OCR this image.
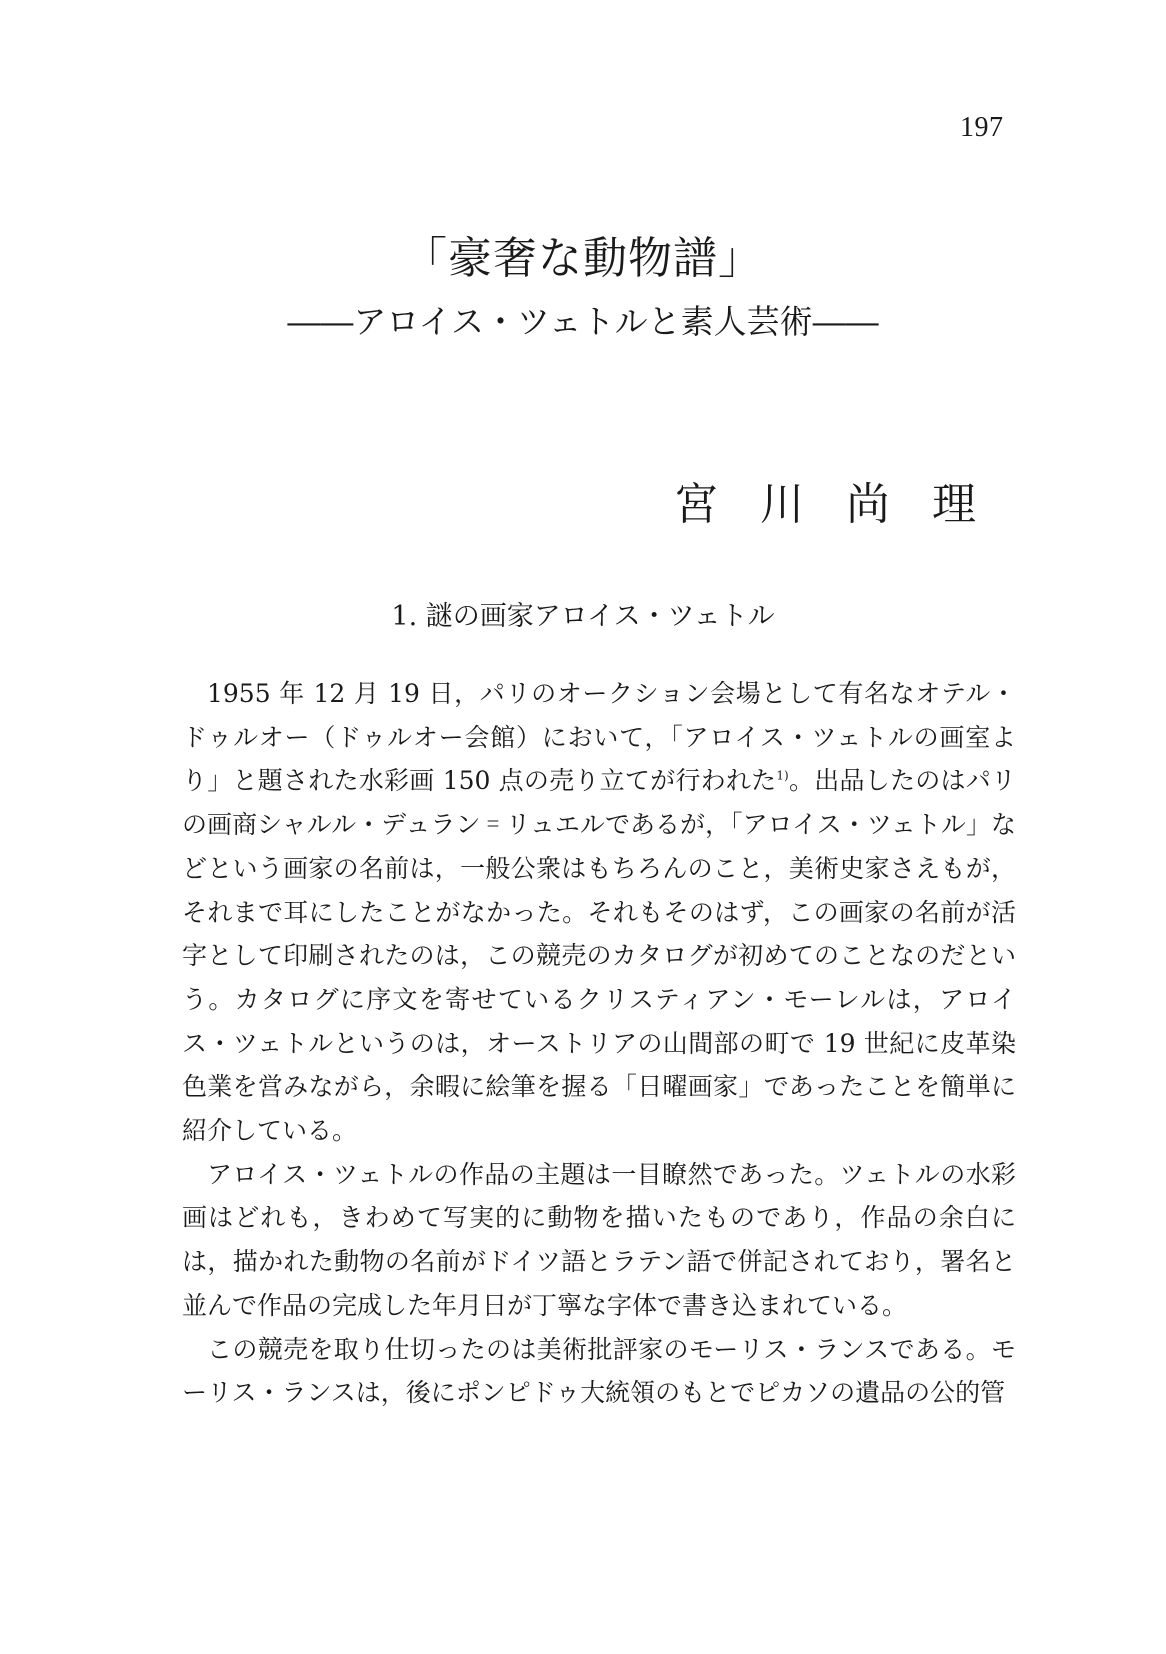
197
「豪奢な動物譜」
――アロイス・ツェトルと素人芸術――
宮川尚理
1. 謎の画家アロイス・ツェトル

1955 年 12 月 19 日，パリのオークション会場として有名なオテル・ドゥルオー（ドゥルオー会館）において，「アロイス・ツェトルの画室より」と題された水彩画 150 点の売り立てが行われた$^{1)}$。出品したのはパリの画商シャルル・デュラン゠リュエルであるが，「アロイス・ツェトル」などという画家の名前は，一般公衆はもちろんのこと，美術史家さえもが，それまで耳にしたことがなかった。それもそのはず，この画家の名前が活字として印刷されたのは，この競売のカタログが初めてのことなのだという。カタログに序文を寄せているクリスティアン・モーレルは，アロイス・ツェトルというのは，オーストリアの山間部の町で 19 世紀に皮革染色業を営みながら，余暇に絵筆を握る「日曜画家」であったことを簡単に紹介している。

アロイス・ツェトルの作品の主題は一目瞭然であった。ツェトルの水彩画はどれも，きわめて写実的に動物を描いたものであり，作品の余白には，描かれた動物の名前がドイツ語とラテン語で併記されており，署名と並んで作品の完成した年月日が丁寧な字体で書き込まれている。

この競売を取り仕切ったのは美術批評家のモーリス・ランスである。モーリス・ランスは，後にポンピドゥ大統領のもとでピカソの遺品の公的管
